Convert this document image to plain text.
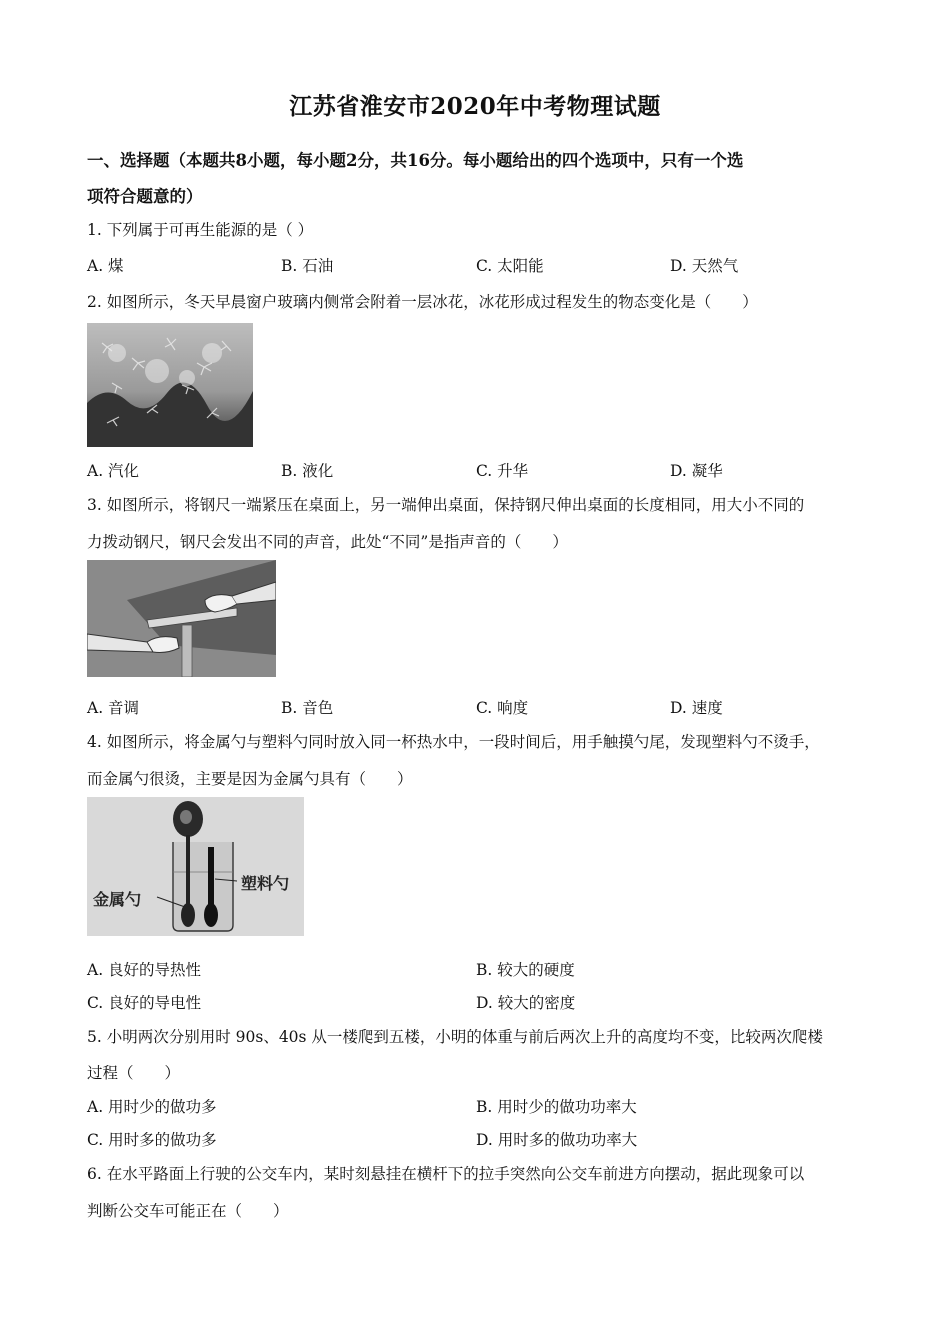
江苏省淮安市2020年中考物理试题
一、选择题（本题共8小题，每小题2分，共16分。每小题给出的四个选项中，只有一个选
项符合题意的）
1. 下列属于可再生能源的是（ ）
A. 煤	B. 石油	C. 太阳能	D. 天然气
2. 如图所示，冬天早晨窗户玻璃内侧常会附着一层冰花，冰花形成过程发生的物态变化是（　　）
A. 汽化	B. 液化	C. 升华	D. 凝华
3. 如图所示，将钢尺一端紧压在桌面上，另一端伸出桌面，保持钢尺伸出桌面的长度相同，用大小不同的
力拨动钢尺，钢尺会发出不同的声音，此处“不同”是指声音的（　　）
A. 音调	B. 音色	C. 响度	D. 速度
4. 如图所示，将金属勺与塑料勺同时放入同一杯热水中，一段时间后，用手触摸勺尾，发现塑料勺不烫手，
而金属勺很烫，主要是因为金属勺具有（　　）
金属勺
塑料勺
A. 良好的导热性	B. 较大的硬度
C. 良好的导电性	D. 较大的密度
5. 小明两次分别用时 90s、40s 从一楼爬到五楼，小明的体重与前后两次上升的高度均不变，比较两次爬楼
过程（　　）
A. 用时少的做功多	B. 用时少的做功功率大
C. 用时多的做功多	D. 用时多的做功功率大
6. 在水平路面上行驶的公交车内，某时刻悬挂在横杆下的拉手突然向公交车前进方向摆动，据此现象可以
判断公交车可能正在（　　）
